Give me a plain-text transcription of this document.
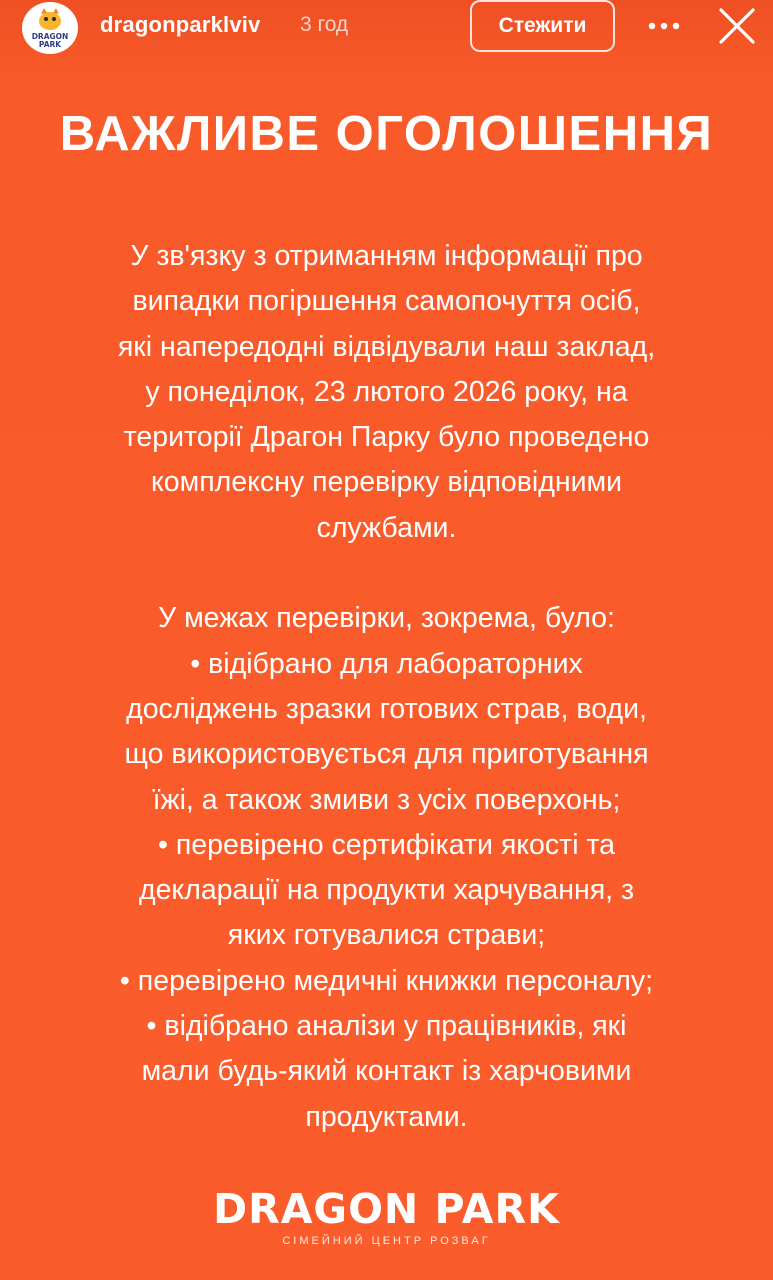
DRAGON
PARK
dragonparklviv 3 год	Стежити
ВАЖЛИВЕ ОГОЛОШЕННЯ
У зв'язку з отриманням інформації про
випадки погіршення самопочуття осіб,
які напередодні відвідували наш заклад,
у понеділок, 23 лютого 2026 року, на
території Драгон Парку було проведено
комплексну перевірку відповідними
службами.
У межах перевірки, зокрема, було:
• відібрано для лабораторних
досліджень зразки готових страв, води,
що використовується для приготування
їжі, а також змиви з усіх поверхонь;
• перевірено сертифікати якості та
декларації на продукти харчування, з
яких готувалися страви;
• перевірено медичні книжки персоналу;
• відібрано аналізи у працівників, які
мали будь-який контакт із харчовими
продуктами.
DRAGON PARK
СІМЕЙНИЙ ЦЕНТР РОЗВАГ
